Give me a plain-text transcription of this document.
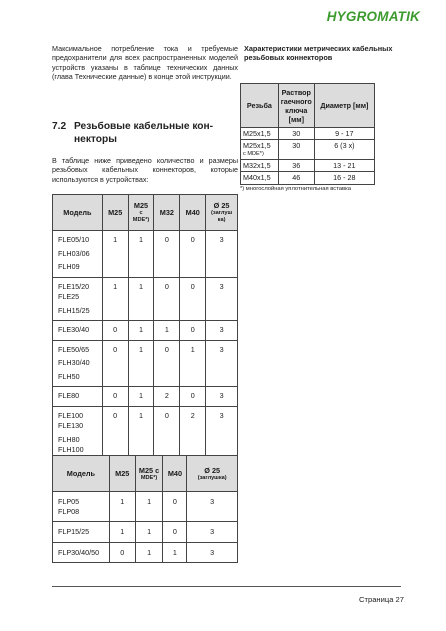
HYGROMATIK

Максимальное потребление тока и требуемые предохранители для всех распространенных моделей устройств указаны в таблице технических данных (глава Технические данные) в конце этой инструкции.

7.2 Резьбовые кабельные кон-
некторы

В таблице ниже приведено количество и размеры резьбовых кабельных коннекторов, которые используются в устройствах:

Модель	M25	M25
с
MDE*)	M32	M40	Ø 25
(заглуш
ка)

FLE05/10
FLH03/06
FLH09	1	1	0	0	3

FLE15/20
FLE25
FLH15/25	1	1	0	0	3

FLE30/40	0	1	1	0	3

FLE50/65
FLH30/40
FLH50	0	1	0	1	3

FLE80	0	1	2	0	3

FLE100
FLE130
FLH80
FLH100	0	1	0	2	3
Модель	M25	M25 с
MDE*)	M40	Ø 25
(заглушка)

FLP05
FLP08	1	1	0	3

FLP15/25	1	1	0	3

FLP30/40/50	0	1	1	3

Характеристики метрических кабельных резьбовых коннекторов

Резьба	Раствор
гаечного
ключа
[мм]	Диаметр [мм]
M25x1,5	30	9 - 17
M25x1,5
с MDE*)	30	6 (3 x)
M32x1,5	36	13 - 21
M40x1,5	46	16 - 28
*) многослойная уплотнительная вставка
Страница 27
